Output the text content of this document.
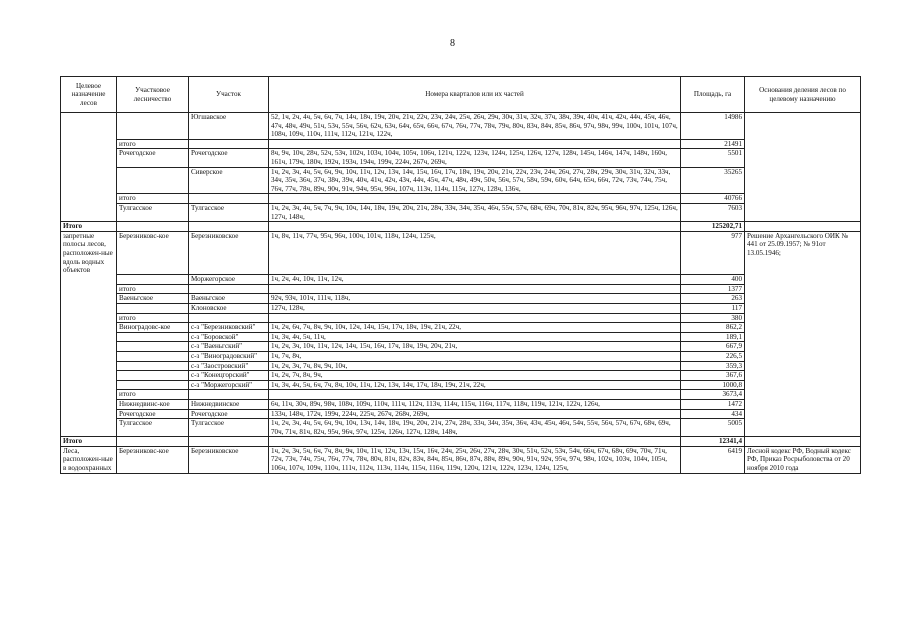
8
Целевое назначение лесов	Участковое лесничество	Участок	Номера кварталов или их частей	Площадь, га	Основания деления лесов по целевому назначению
		Югшавское	52, 1ч, 2ч, 4ч, 5ч, 6ч, 7ч, 14ч, 18ч, 19ч, 20ч, 21ч, 22ч, 23ч, 24ч, 25ч, 26ч, 29ч, 30ч, 31ч, 32ч, 37ч, 38ч, 39ч, 40ч, 41ч, 42ч, 44ч, 45ч, 46ч, 47ч, 48ч, 49ч, 51ч, 53ч, 55ч, 56ч, 62ч, 63ч, 64ч, 65ч, 66ч, 67ч, 76ч, 77ч, 78ч, 79ч, 80ч, 83ч, 84ч, 85ч, 86ч, 97ч, 98ч, 99ч, 100ч, 101ч, 107ч, 108ч, 109ч, 110ч, 111ч, 112ч, 121ч, 122ч,	14986	
	итого			21491	
	Рочегодское	Рочегодское	8ч, 9ч, 10ч, 28ч, 52ч, 53ч, 102ч, 103ч, 104ч, 105ч, 106ч, 121ч, 122ч, 123ч, 124ч, 125ч, 126ч, 127ч, 128ч, 145ч, 146ч, 147ч, 148ч, 160ч, 161ч, 179ч, 180ч, 192ч, 193ч, 194ч, 199ч, 224ч, 267ч, 269ч,	5501	
		Сиверское	1ч, 2ч, 3ч, 4ч, 5ч, 6ч, 9ч, 10ч, 11ч, 12ч, 13ч, 14ч, 15ч, 16ч, 17ч, 18ч, 19ч, 20ч, 21ч, 22ч, 23ч, 24ч, 26ч, 27ч, 28ч, 29ч, 30ч, 31ч, 32ч, 33ч, 34ч, 35ч, 36ч, 37ч, 38ч, 39ч, 40ч, 41ч, 42ч, 43ч, 44ч, 45ч, 47ч, 48ч, 49ч, 50ч, 56ч, 57ч, 58ч, 59ч, 60ч, 64ч, 65ч, 66ч, 72ч, 73ч, 74ч, 75ч, 76ч, 77ч, 78ч, 89ч, 90ч, 91ч, 94ч, 95ч, 96ч, 107ч, 113ч, 114ч, 115ч, 127ч, 128ч, 136ч,	35265	
	итого			40766	
	Тулгасское	Тулгасское	1ч, 2ч, 3ч, 4ч, 5ч, 7ч, 9ч, 10ч, 14ч, 18ч, 19ч, 20ч, 21ч, 28ч, 33ч, 34ч, 35ч, 46ч, 55ч, 57ч, 68ч, 69ч, 70ч, 81ч, 82ч, 95ч, 96ч, 97ч, 125ч, 126ч, 127ч, 148ч,	7603	
Итого				125202,71	
запретные полосы лесов, расположен-ные вдоль водных объектов	Березниковс-кое	Березниковское	1ч, 8ч, 11ч, 77ч, 95ч, 96ч, 100ч, 101ч, 118ч, 124ч, 125ч,	977	Решение Архангельского ОИК № 441 от 25.09.1957; № 91от 13.05.1946;
		Моржегорское	1ч, 2ч, 4ч, 10ч, 11ч, 12ч,	400	
	итого			1377	
	Ваеньгское	Ваеньгское	92ч, 93ч, 101ч, 111ч, 118ч,	263	
		Клоновское	127ч, 128ч,	117	
	итого			380	
	Виноградовс-кое	с-з "Березниковский"	1ч, 2ч, 6ч, 7ч, 8ч, 9ч, 10ч, 12ч, 14ч, 15ч, 17ч, 18ч, 19ч, 21ч, 22ч,	862,2	
		с-з "Боровской"	1ч, 3ч, 4ч, 5ч, 11ч,	189,1	
		с-з "Ваеньгский"	1ч, 2ч, 3ч, 10ч, 11ч, 12ч, 14ч, 15ч, 16ч, 17ч, 18ч, 19ч, 20ч, 21ч,	667,9	
		с-з "Виноградовский"	1ч, 7ч, 8ч,	226,5	
		с-з "Заостровский"	1ч, 2ч, 3ч, 7ч, 8ч, 9ч, 10ч,	359,3	
		с-з "Конецгорский"	1ч, 2ч, 7ч, 8ч, 9ч,	367,6	
		с-з "Моржегорский"	1ч, 3ч, 4ч, 5ч, 6ч, 7ч, 8ч, 10ч, 11ч, 12ч, 13ч, 14ч, 17ч, 18ч, 19ч, 21ч, 22ч,	1000,8	
	итого			3673,4	
	Нижнедвинс-кое	Нижнедвинское	6ч, 11ч, 30ч, 89ч, 98ч, 108ч, 109ч, 110ч, 111ч, 112ч, 113ч, 114ч, 115ч, 116ч, 117ч, 118ч, 119ч, 121ч, 122ч, 126ч,	1472	
	Рочегодское	Рочегодское	133ч, 148ч, 172ч, 199ч, 224ч, 225ч, 267ч, 268ч, 269ч,	434	
	Тулгасское	Тулгасское	1ч, 2ч, 3ч, 4ч, 5ч, 6ч, 9ч, 10ч, 13ч, 14ч, 18ч, 19ч, 20ч, 21ч, 27ч, 28ч, 33ч, 34ч, 35ч, 36ч, 43ч, 45ч, 46ч, 54ч, 55ч, 56ч, 57ч, 67ч, 68ч, 69ч, 70ч, 71ч, 81ч, 82ч, 95ч, 96ч, 97ч, 125ч, 126ч, 127ч, 128ч, 148ч,	5005	
Итого				12341,4	
Леса, расположен-ные в водоохранных	Березниковс-кое	Березниковское	1ч, 2ч, 3ч, 5ч, 6ч, 7ч, 8ч, 9ч, 10ч, 11ч, 12ч, 13ч, 15ч, 16ч, 24ч, 25ч, 26ч, 27ч, 28ч, 30ч, 51ч, 52ч, 53ч, 54ч, 66ч, 67ч, 68ч, 69ч, 70ч, 71ч, 72ч, 73ч, 74ч, 75ч, 76ч, 77ч, 78ч, 80ч, 81ч, 82ч, 83ч, 84ч, 85ч, 86ч, 87ч, 88ч, 89ч, 90ч, 91ч, 92ч, 95ч, 97ч, 98ч, 102ч, 103ч, 104ч, 105ч, 106ч, 107ч, 109ч, 110ч, 111ч, 112ч, 113ч, 114ч, 115ч, 116ч, 119ч, 120ч, 121ч, 122ч, 123ч, 124ч, 125ч,	6419	Лесной кодекс РФ, Водный кодекс РФ, Приказ Росрыболовства от 20 ноября 2010 года
